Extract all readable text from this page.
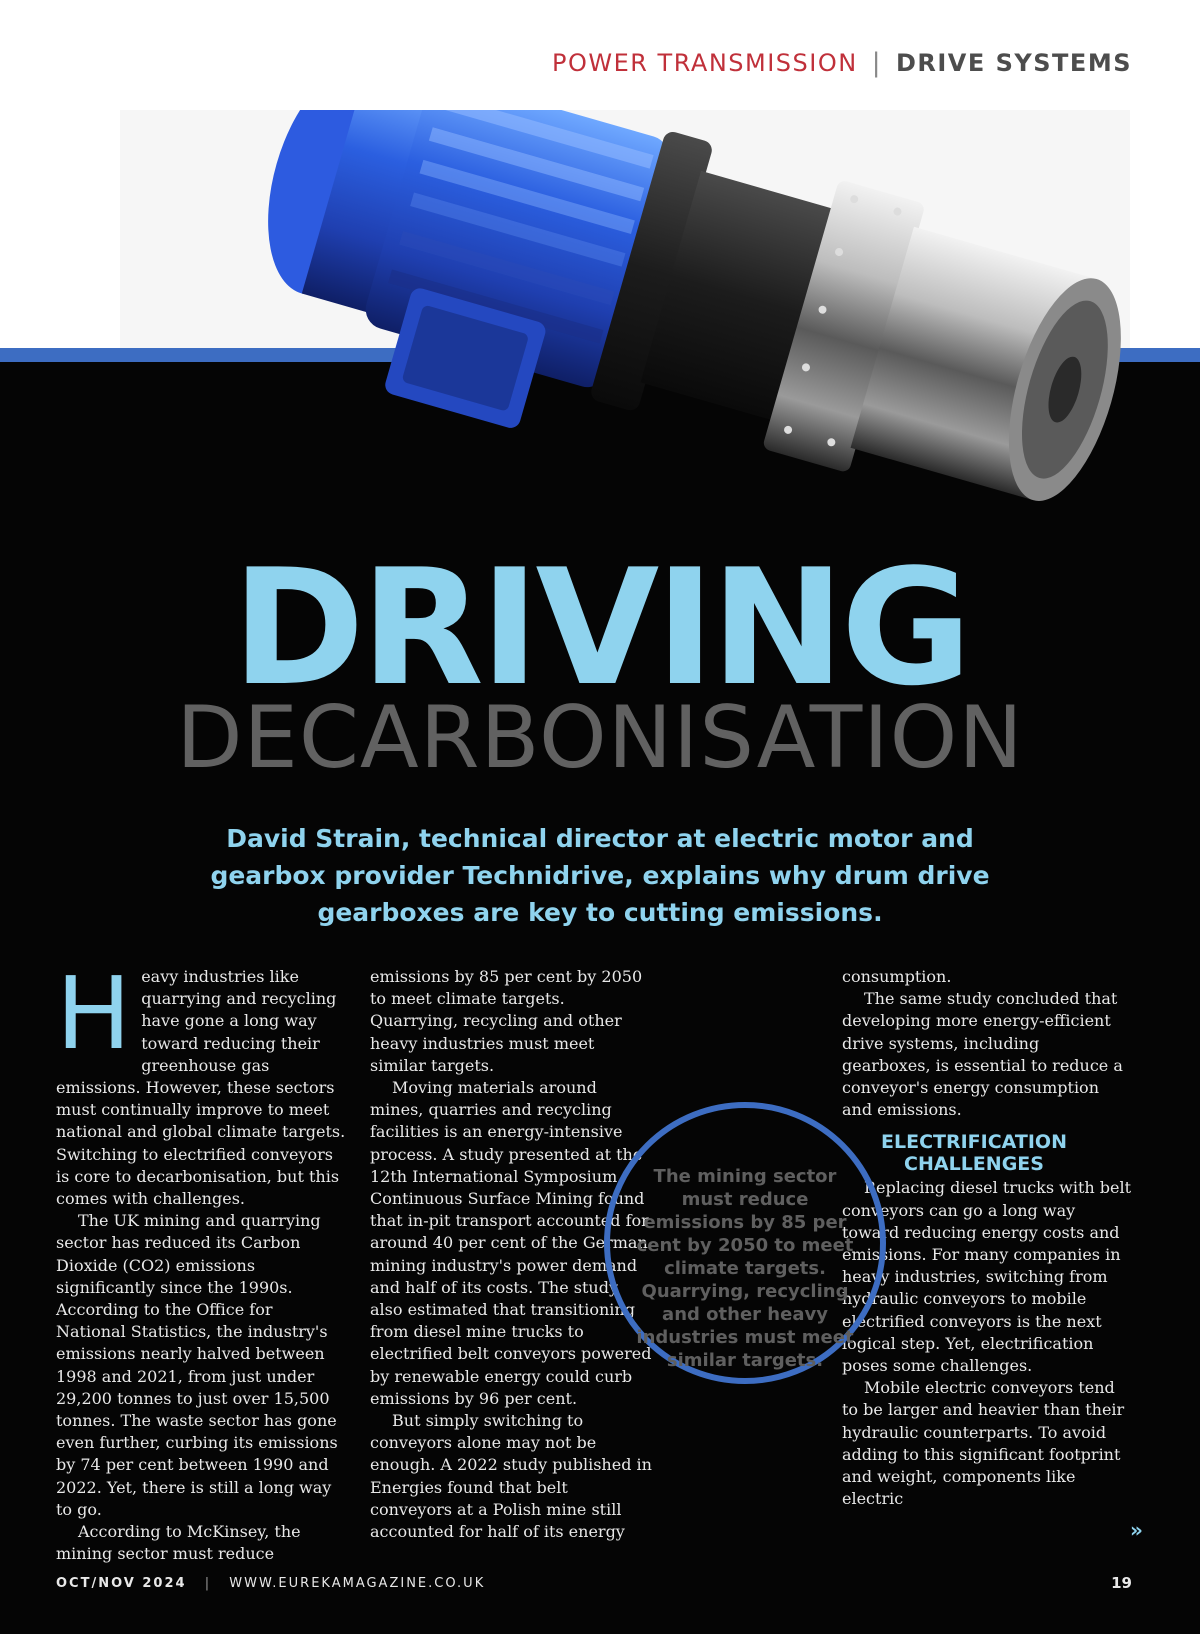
POWER TRANSMISSION | DRIVE SYSTEMS
DRIVING
DECARBONISATION
David Strain, technical director at electric motor and gearbox provider Technidrive, explains why drum drive gearboxes are key to cutting emissions.

Heavy industries like quarrying and recycling have gone a long way toward reducing their greenhouse gas emissions. However, these sectors must continually improve to meet national and global climate targets. Switching to electrified conveyors is core to decarbonisation, but this comes with challenges.

The UK mining and quarrying sector has reduced its Carbon Dioxide (CO2) emissions significantly since the 1990s. According to the Office for National Statistics, the industry's emissions nearly halved between 1998 and 2021, from just under 29,200 tonnes to just over 15,500 tonnes. The waste sector has gone even further, curbing its emissions by 74 per cent between 1990 and 2022. Yet, there is still a long way to go.

According to McKinsey, the mining sector must reduce

emissions by 85 per cent by 2050 to meet climate targets. Quarrying, recycling and other heavy industries must meet similar targets.

Moving materials around mines, quarries and recycling facilities is an energy-intensive process. A study presented at the 12th International Symposium Continuous Surface Mining found that in-pit transport accounted for around 40 per cent of the German mining industry's power demand and half of its costs. The study also estimated that transitioning from diesel mine trucks to electrified belt conveyors powered by renewable energy could curb emissions by 96 per cent.

But simply switching to conveyors alone may not be enough. A 2022 study published in Energies found that belt conveyors at a Polish mine still accounted for half of its energy

consumption.

The same study concluded that developing more energy-efficient drive systems, including gearboxes, is essential to reduce a conveyor's energy consumption and emissions.

ELECTRIFICATION CHALLENGES

Replacing diesel trucks with belt conveyors can go a long way toward reducing energy costs and emissions. For many companies in heavy industries, switching from hydraulic conveyors to mobile electrified conveyors is the next logical step. Yet, electrification poses some challenges.

Mobile electric conveyors tend to be larger and heavier than their hydraulic counterparts. To avoid adding to this significant footprint and weight, components like electric

The mining sector must reduce emissions by 85 per cent by 2050 to meet climate targets. Quarrying, recycling and other heavy industries must meet similar targets.
»
OCT/NOV 2024 | WWW.EUREKAMAGAZINE.CO.UK	19
